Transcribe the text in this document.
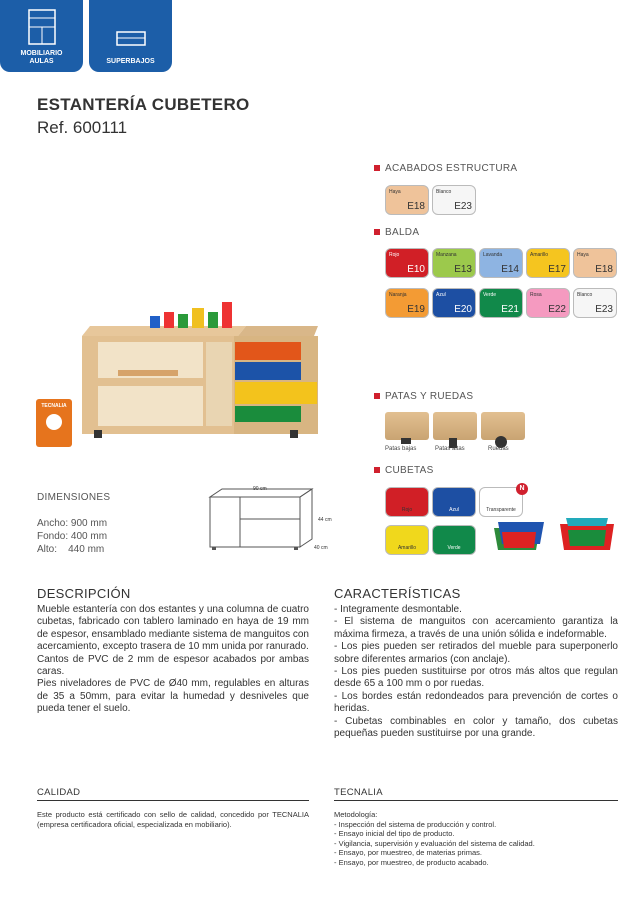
MOBILIARIO
AULAS	SUPERBAJOS
ESTANTERÍA CUBETERO
Ref. 600111
TECNALIA
ACABADOS ESTRUCTURA
Haya
E18
Blanco
E23
BALDA
Rojo
E10
Manzana
E13
Lavanda
E14
Amarillo
E17
Haya
E18
Naranja
E19
Azul
E20
Verde
E21
Rosa
E22
Blanco
E23
PATAS Y RUEDAS
Patas bajas	Patas altas	Ruedas
CUBETAS
Rojo	Azul	Transparente
Amarillo	Verde
N
DIMENSIONES
Ancho: 900 mm
Fondo: 400 mm
Alto:    440 mm
90 cm
44 cm
40 cm
DESCRIPCIÓN
Mueble estantería con dos estantes y una columna de cuatro cubetas, fabricado con tablero laminado en haya de 19 mm de espesor, ensamblado mediante sistema de manguitos con acercamiento, excepto trasera de 10 mm unida por ranurado.
Cantos de PVC de 2 mm de espesor acabados por ambas caras.
Pies niveladores de PVC de Ø40 mm, regulables en alturas de 35 a 50mm, para evitar la humedad y desniveles que pueda tener el suelo.
CARACTERÍSTICAS
- Integramente desmontable.
- El sistema de manguitos con acercamiento garantiza la máxima firmeza, a través de una unión sólida e indeformable.
- Los pies pueden ser retirados del mueble para superponerlo sobre diferentes armarios (con anclaje).
- Los pies pueden sustituirse por otros más altos que regulan desde 65 a 100 mm o por ruedas.
- Los bordes están redondeados para prevención de cortes o heridas.
- Cubetas combinables en color y tamaño, dos cubetas pequeñas pueden sustituirse por una grande.
CALIDAD
Este producto está certificado con sello de calidad, concedido por TECNALIA (empresa certificadora oficial, especializada en mobiliario).
TECNALIA
Metodología:
- Inspección del sistema de producción y control.
- Ensayo inicial del tipo de producto.
- Vigilancia, supervisión y evaluación del sistema de calidad.
- Ensayo, por muestreo, de materias primas.
- Ensayo, por muestreo, de producto acabado.
